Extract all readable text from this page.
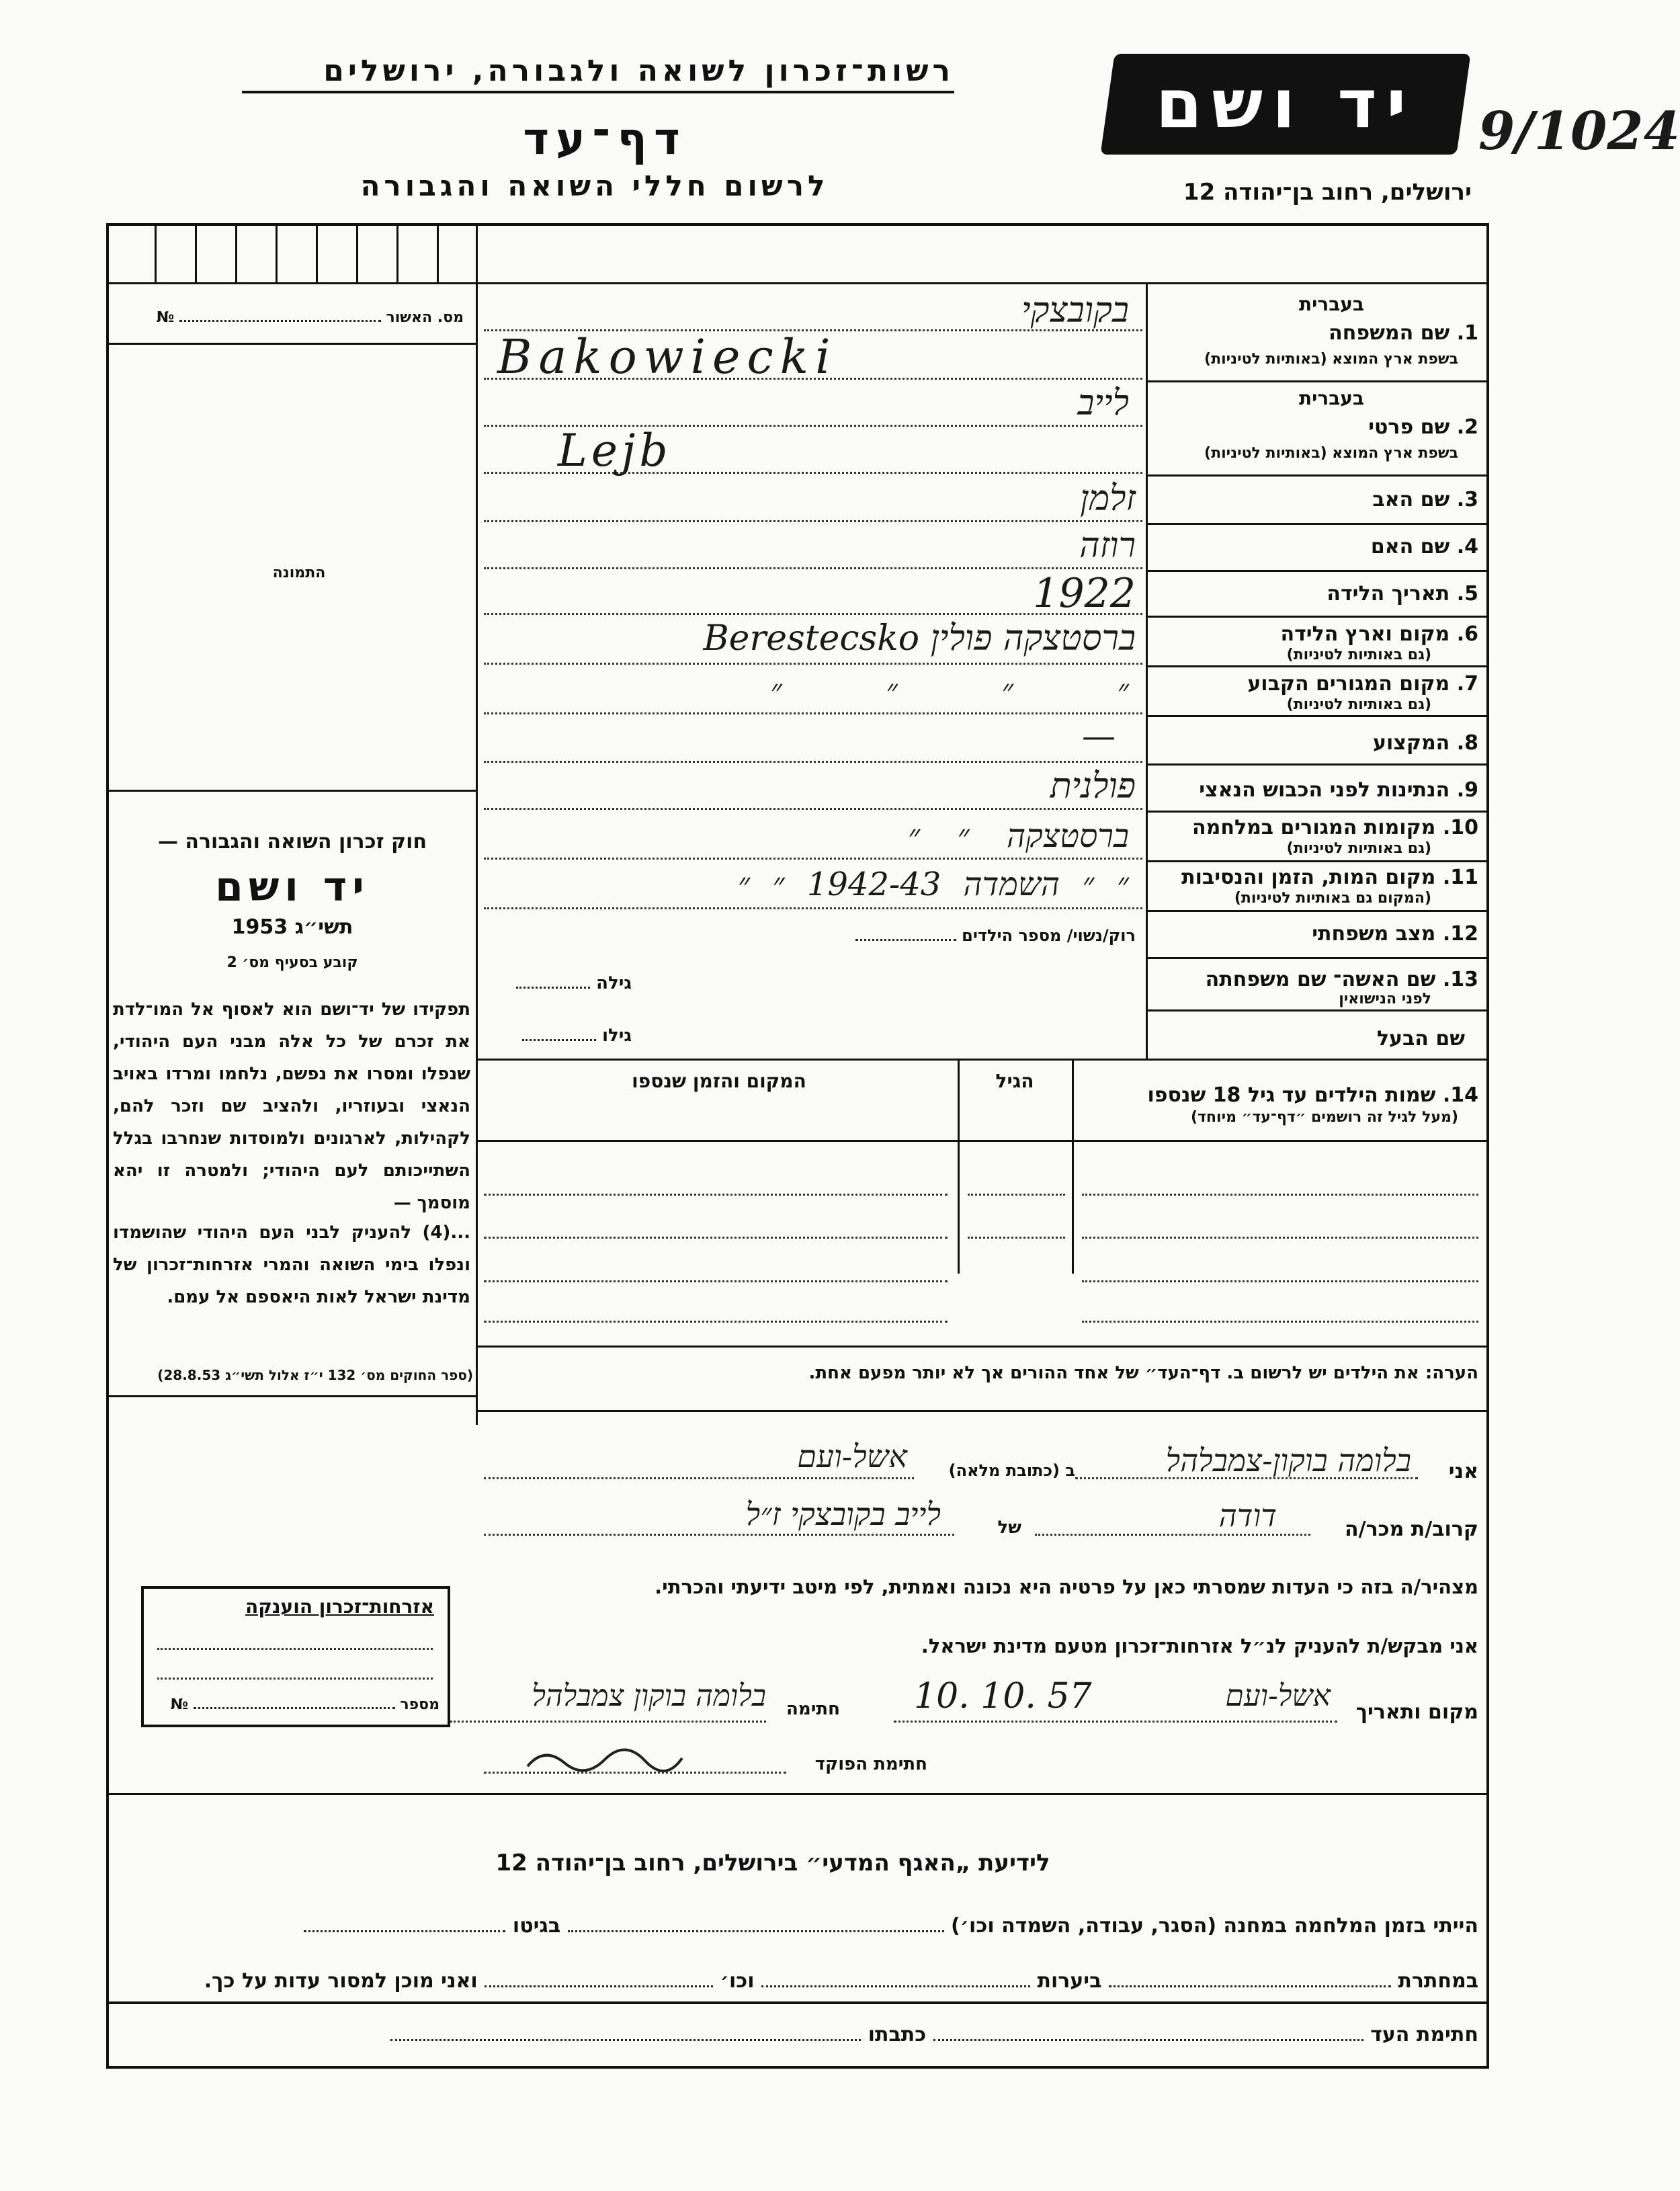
רשות־זכרון לשואה ולגבורה, ירושלים
דף־עד
לרשום חללי השואה והגבורה
יד ושם	9/1024
ירושלים, רחוב בן־יהודה 12
מס. האשור  №
התמונה
חוק זכרון השואה והגבורה —
יד ושם
תשי״ג 1953
קובע בסעיף מס׳ 2
תפקידו של יד־ושם הוא לאסוף אל המו־לדת את זכרם של כל אלה מבני העם היהודי, שנפלו ומסרו את נפשם, נלחמו ומרדו באויב הנאצי ובעוזריו, ולהציב שם וזכר להם, לקהילות, לארגונים ולמוסדות שנחרבו בגלל השתייכותם לעם היהודי; ולמטרה זו יהא מוסמך —
...(4) להעניק לבני העם היהודי שהושמדו ונפלו בימי השואה והמרי אזרחות־זכרון של מדינת ישראל לאות היאספם אל עמם.
(ספר החוקים מס׳ 132 י״ז אלול תשי״ג 28.8.53)
בעברית
1. שם המשפחה
בשפת ארץ המוצא (באותיות לטיניות)
בקובצקי
Bakowiecki
בעברית
2. שם פרטי
בשפת ארץ המוצא (באותיות לטיניות)
לייב
Lejb
3. שם האב
זלמן
4. שם האם
רוזה
5. תאריך הלידה
1922
6. מקום וארץ הלידה
(גם באותיות לטיניות)
ברסטצקה פולין Berestecsko
7. מקום המגורים הקבוע
(גם באותיות לטיניות)
״ ״ ״ ״
8. המקצוע
—
9. הנתינות לפני הכבוש הנאצי
פולנית
10. מקומות המגורים במלחמה
(גם באותיות לטיניות)
ברסטצקה ״ ״
11. מקום המות, הזמן והנסיבות
(המקום גם באותיות לטיניות)
״ ״ השמדה 1942-43 ״ ״
12. מצב משפחתי
רוק/נשוי/ מספר הילדים
13. שם האשה־ שם משפחתה
לפני הנישואין
גילה
שם הבעל
גילו
14. שמות הילדים עד גיל 18 שנספו
(מעל לגיל זה רושמים ״דף־עד״ מיוחד)
הגיל
המקום והזמן שנספו
הערה: את הילדים יש לרשום ב. דף־העד״ של אחד ההורים אך לא יותר מפעם אחת.
אני
בלומה בוקון-צמבלהל
ב (כתובת מלאה)
אשל-ועם
קרוב/ת מכר/ה
דודה
של
לייב בקובצקי ז״ל
מצהיר/ה בזה כי העדות שמסרתי כאן על פרטיה היא נכונה ואמתית, לפי מיטב ידיעתי והכרתי.
אני מבקש/ת להעניק לנ״ל אזרחות־זכרון מטעם מדינת ישראל.
מקום ותאריך
אשל-ועם
10. 10. 57
חתימה
בלומה בוקון צמבלהל
חתימת הפוקד
אזרחות־זכרון הוענקה
מספר  №
לידיעת „האגף המדעי״ בירושלים, רחוב בן־יהודה 12
הייתי בזמן המלחמה במחנה (הסגר, עבודה, השמדה וכו׳)  בגיטו
במחתרת  ביערות  וכו׳  ואני מוכן למסור עדות על כך.
חתימת העד  כתבתו
